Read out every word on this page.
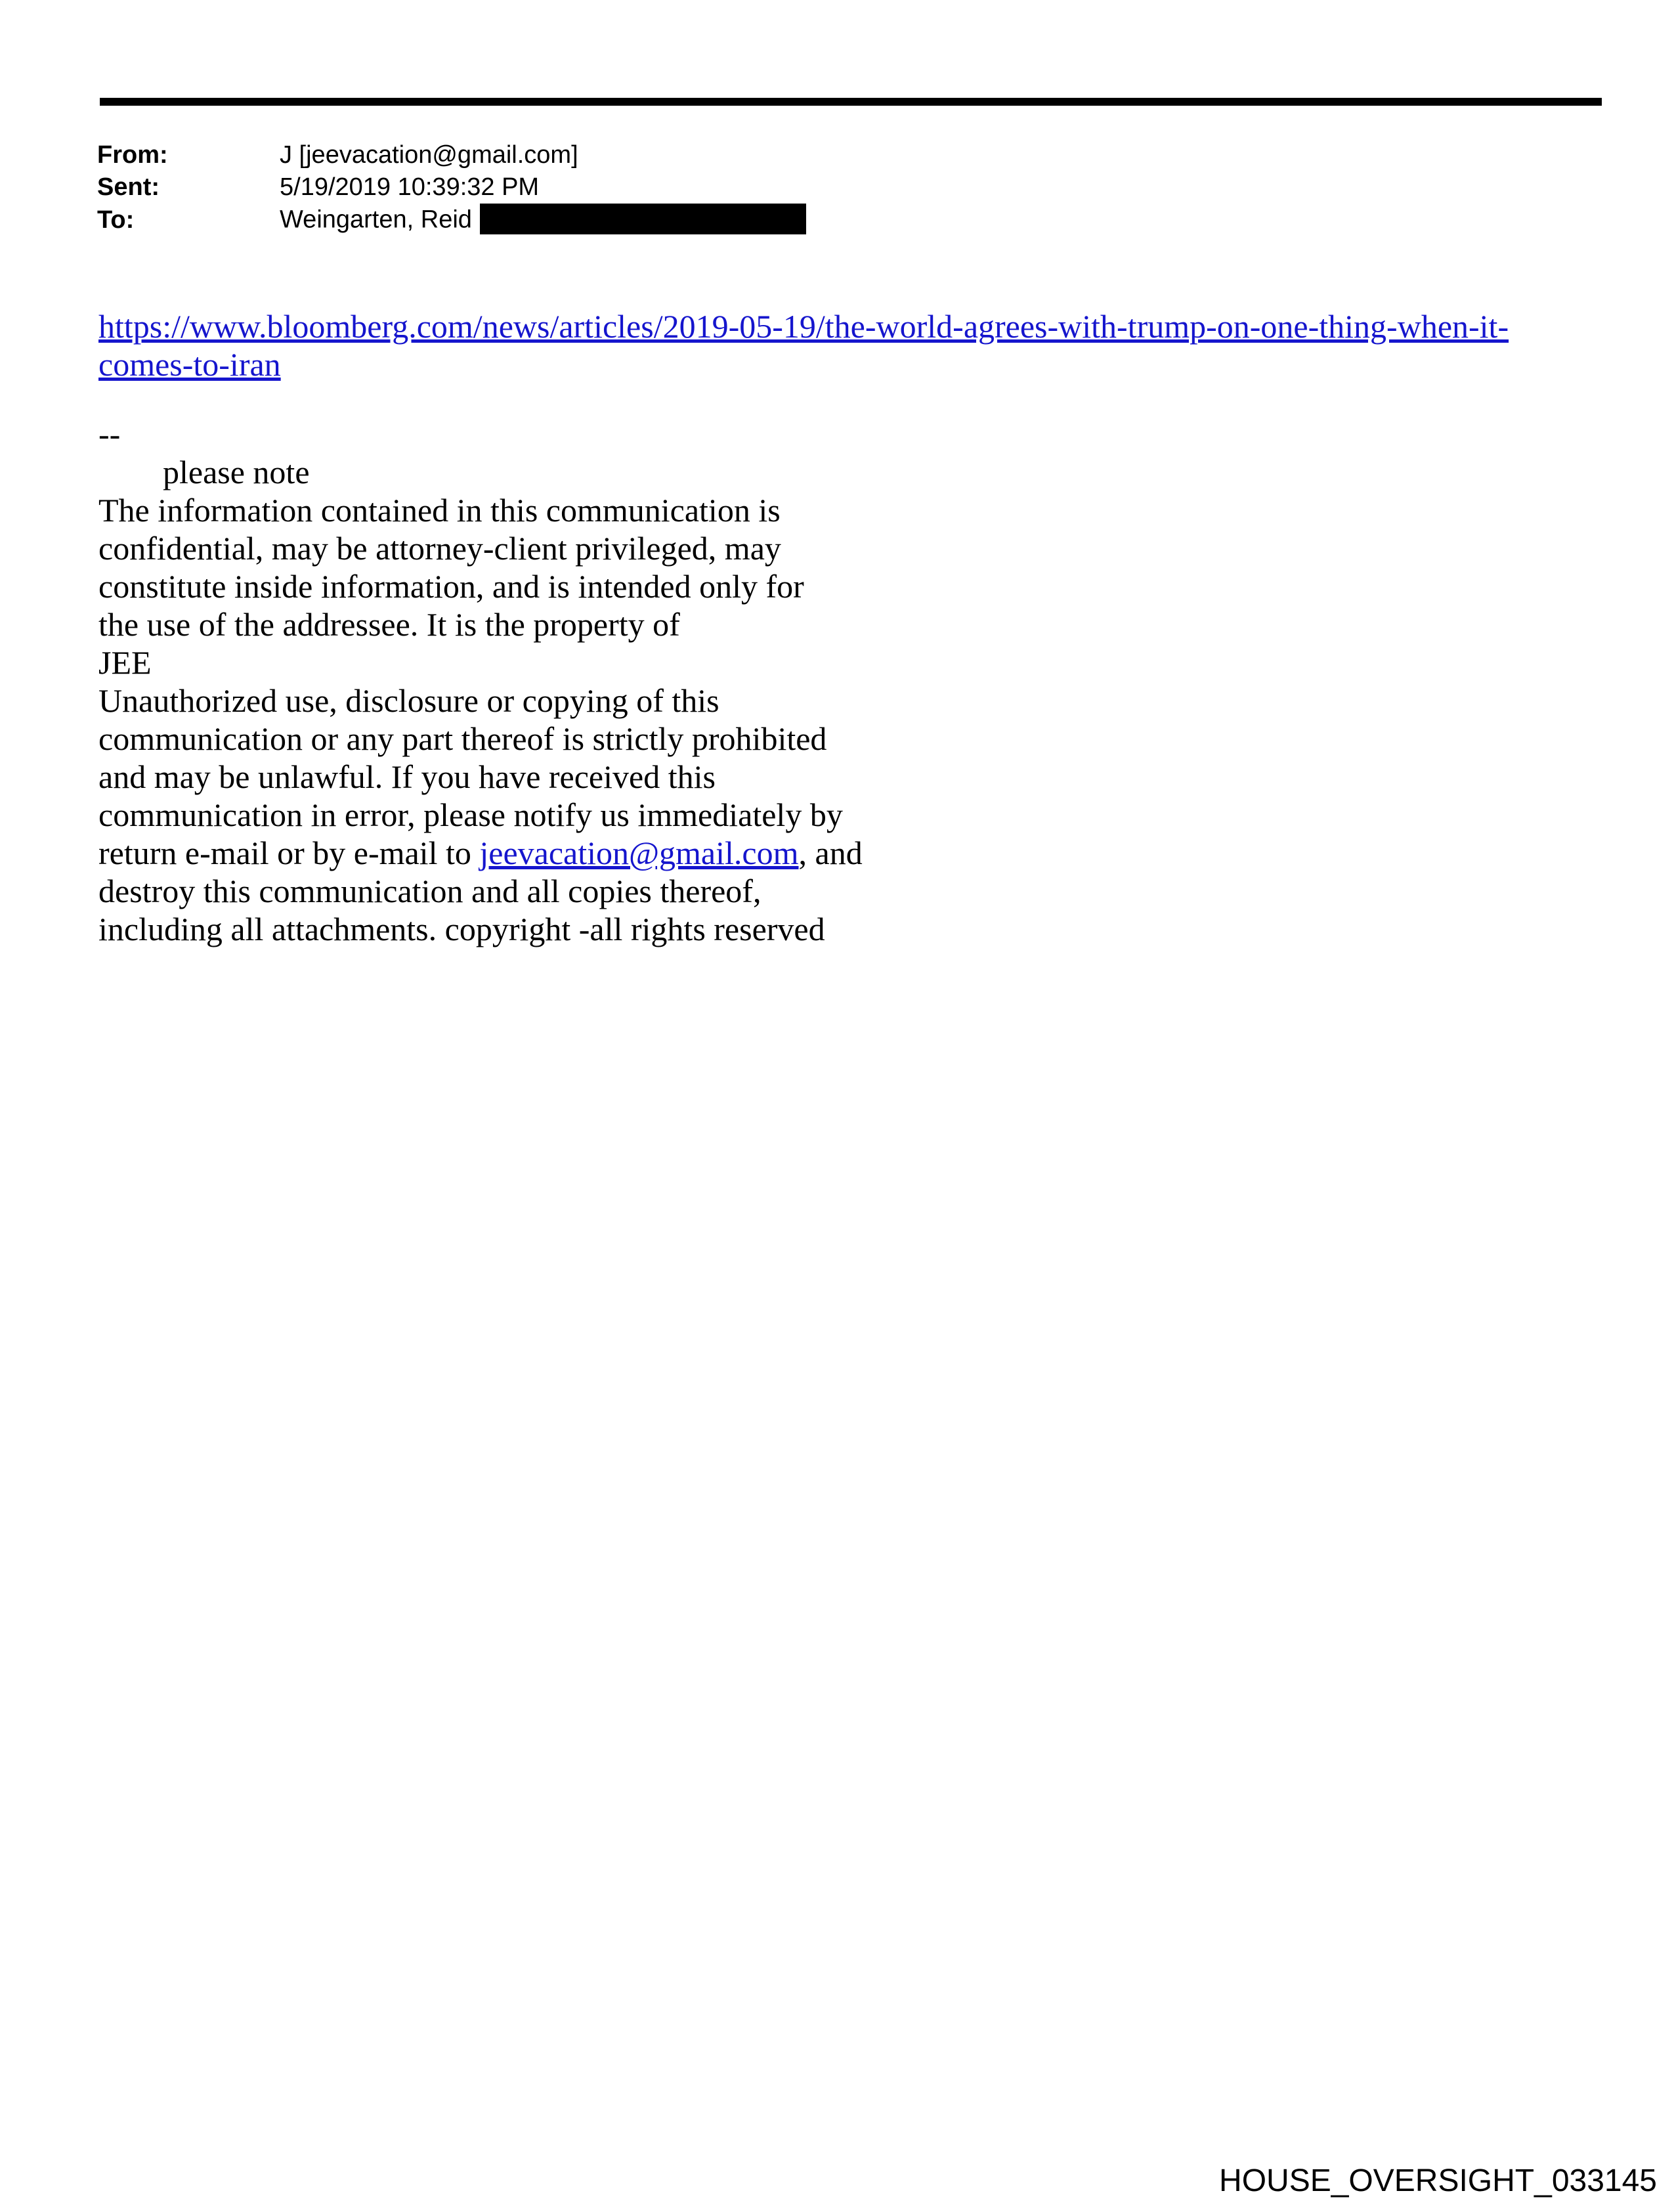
From:	J [jeevacation@gmail.com]
Sent:	5/19/2019 10:39:32 PM
To:	Weingarten, Reid
https://www.bloomberg.com/news/articles/2019-05-19/the-world-agrees-with-trump-on-one-thing-when-it-
comes-to-iran
--
please note
The information contained in this communication is
confidential, may be attorney-client privileged, may
constitute inside information, and is intended only for
the use of the addressee. It is the property of
JEE
Unauthorized use, disclosure or copying of this
communication or any part thereof is strictly prohibited
and may be unlawful. If you have received this
communication in error, please notify us immediately by
return e-mail or by e-mail to jeevacation@gmail.com, and
destroy this communication and all copies thereof,
including all attachments. copyright -all rights reserved
HOUSE_OVERSIGHT_033145
